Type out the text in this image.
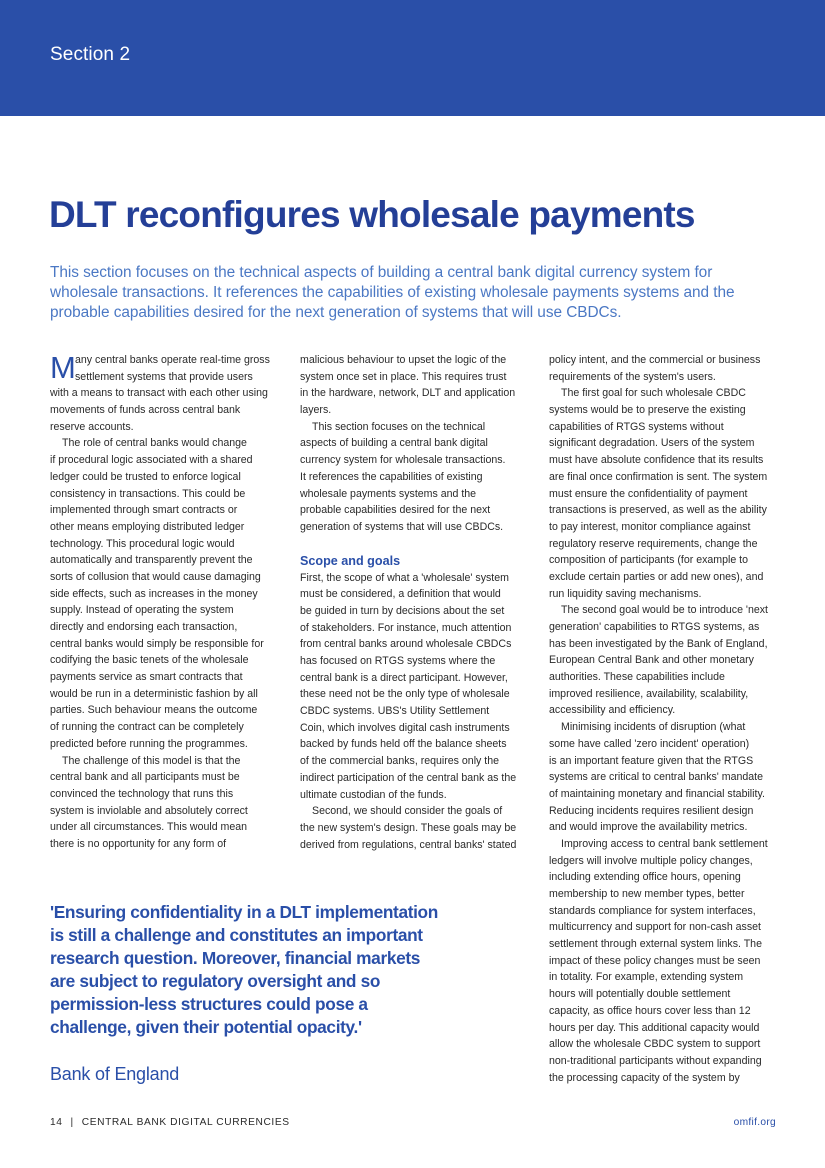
Section 2
DLT reconfigures wholesale payments
This section focuses on the technical aspects of building a central bank digital currency system for
wholesale transactions. It references the capabilities of existing wholesale payments systems and the
probable capabilities desired for the next generation of systems that will use CBDCs.
M any central banks operate real-time gross
settlement systems that provide users
with a means to transact with each other using
movements of funds across central bank
reserve accounts.
The role of central banks would change
if procedural logic associated with a shared
ledger could be trusted to enforce logical
consistency in transactions. This could be
implemented through smart contracts or
other means employing distributed ledger
technology. This procedural logic would
automatically and transparently prevent the
sorts of collusion that would cause damaging
side effects, such as increases in the money
supply. Instead of operating the system
directly and endorsing each transaction,
central banks would simply be responsible for
codifying the basic tenets of the wholesale
payments service as smart contracts that
would be run in a deterministic fashion by all
parties. Such behaviour means the outcome
of running the contract can be completely
predicted before running the programmes.
The challenge of this model is that the
central bank and all participants must be
convinced the technology that runs this
system is inviolable and absolutely correct
under all circumstances. This would mean
there is no opportunity for any form of
malicious behaviour to upset the logic of the
system once set in place. This requires trust
in the hardware, network, DLT and application
layers.
This section focuses on the technical
aspects of building a central bank digital
currency system for wholesale transactions.
It references the capabilities of existing
wholesale payments systems and the
probable capabilities desired for the next
generation of systems that will use CBDCs.
Scope and goals
First, the scope of what a 'wholesale' system
must be considered, a definition that would
be guided in turn by decisions about the set
of stakeholders. For instance, much attention
from central banks around wholesale CBDCs
has focused on RTGS systems where the
central bank is a direct participant. However,
these need not be the only type of wholesale
CBDC systems. UBS's Utility Settlement
Coin, which involves digital cash instruments
backed by funds held off the balance sheets
of the commercial banks, requires only the
indirect participation of the central bank as the
ultimate custodian of the funds.
Second, we should consider the goals of
the new system's design. These goals may be
derived from regulations, central banks' stated
policy intent, and the commercial or business
requirements of the system's users.
The first goal for such wholesale CBDC
systems would be to preserve the existing
capabilities of RTGS systems without
significant degradation. Users of the system
must have absolute confidence that its results
are final once confirmation is sent. The system
must ensure the confidentiality of payment
transactions is preserved, as well as the ability
to pay interest, monitor compliance against
regulatory reserve requirements, change the
composition of participants (for example to
exclude certain parties or add new ones), and
run liquidity saving mechanisms.
The second goal would be to introduce 'next
generation' capabilities to RTGS systems, as
has been investigated by the Bank of England,
European Central Bank and other monetary
authorities. These capabilities include
improved resilience, availability, scalability,
accessibility and efficiency.
Minimising incidents of disruption (what
some have called 'zero incident' operation)
is an important feature given that the RTGS
systems are critical to central banks' mandate
of maintaining monetary and financial stability.
Reducing incidents requires resilient design
and would improve the availability metrics.
Improving access to central bank settlement
ledgers will involve multiple policy changes,
including extending office hours, opening
membership to new member types, better
standards compliance for system interfaces,
multicurrency and support for non-cash asset
settlement through external system links. The
impact of these policy changes must be seen
in totality. For example, extending system
hours will potentially double settlement
capacity, as office hours cover less than 12
hours per day. This additional capacity would
allow the wholesale CBDC system to support
non-traditional participants without expanding
the processing capacity of the system by
'Ensuring confidentiality in a DLT implementation
is still a challenge and constitutes an important
research question. Moreover, financial markets
are subject to regulatory oversight and so
permission-less structures could pose a
challenge, given their potential opacity.'
Bank of England
14 | CENTRAL BANK DIGITAL CURRENCIES	omfif.org
